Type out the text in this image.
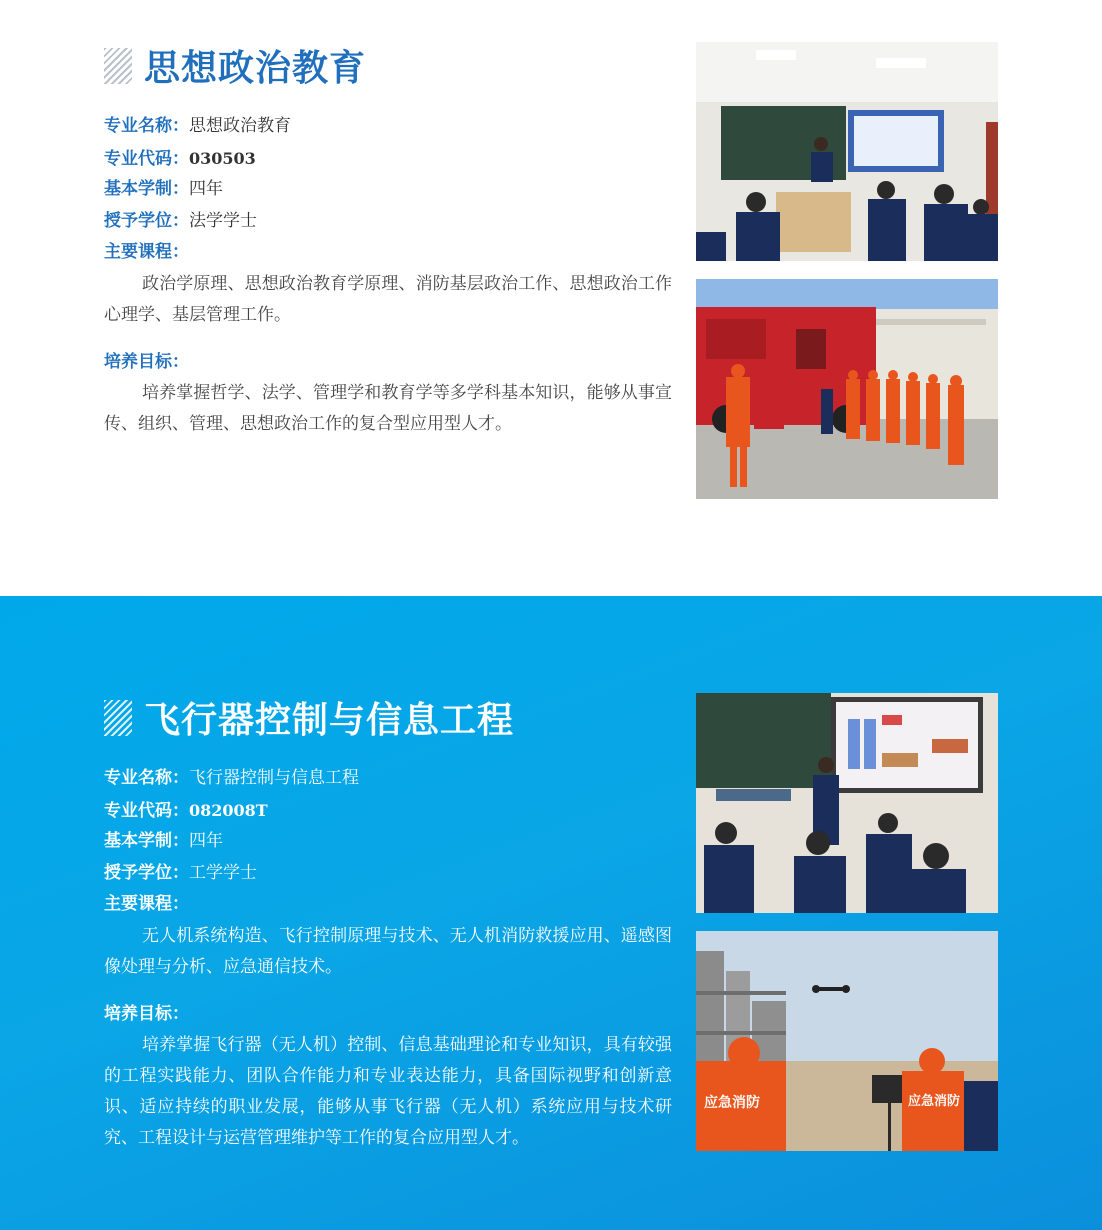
思想政治教育
专业名称：思想政治教育
专业代码：030503
基本学制：四年
授予学位：法学学士
主要课程：

政治学原理、思想政治教育学原理、消防基层政治工作、思想政治工作心理学、基层管理工作。

培养目标：

培养掌握哲学、法学、管理学和教育学等多学科基本知识，能够从事宣传、组织、管理、思想政治工作的复合型应用型人才。

飞行器控制与信息工程
专业名称：飞行器控制与信息工程
专业代码：082008T
基本学制：四年
授予学位：工学学士
主要课程：

无人机系统构造、飞行控制原理与技术、无人机消防救援应用、遥感图像处理与分析、应急通信技术。

培养目标：

培养掌握飞行器（无人机）控制、信息基础理论和专业知识，具有较强的工程实践能力、团队合作能力和专业表达能力，具备国际视野和创新意识、适应持续的职业发展，能够从事飞行器（无人机）系统应用与技术研究、工程设计与运营管理维护等工作的复合应用型人才。

应急消防	应急消防
